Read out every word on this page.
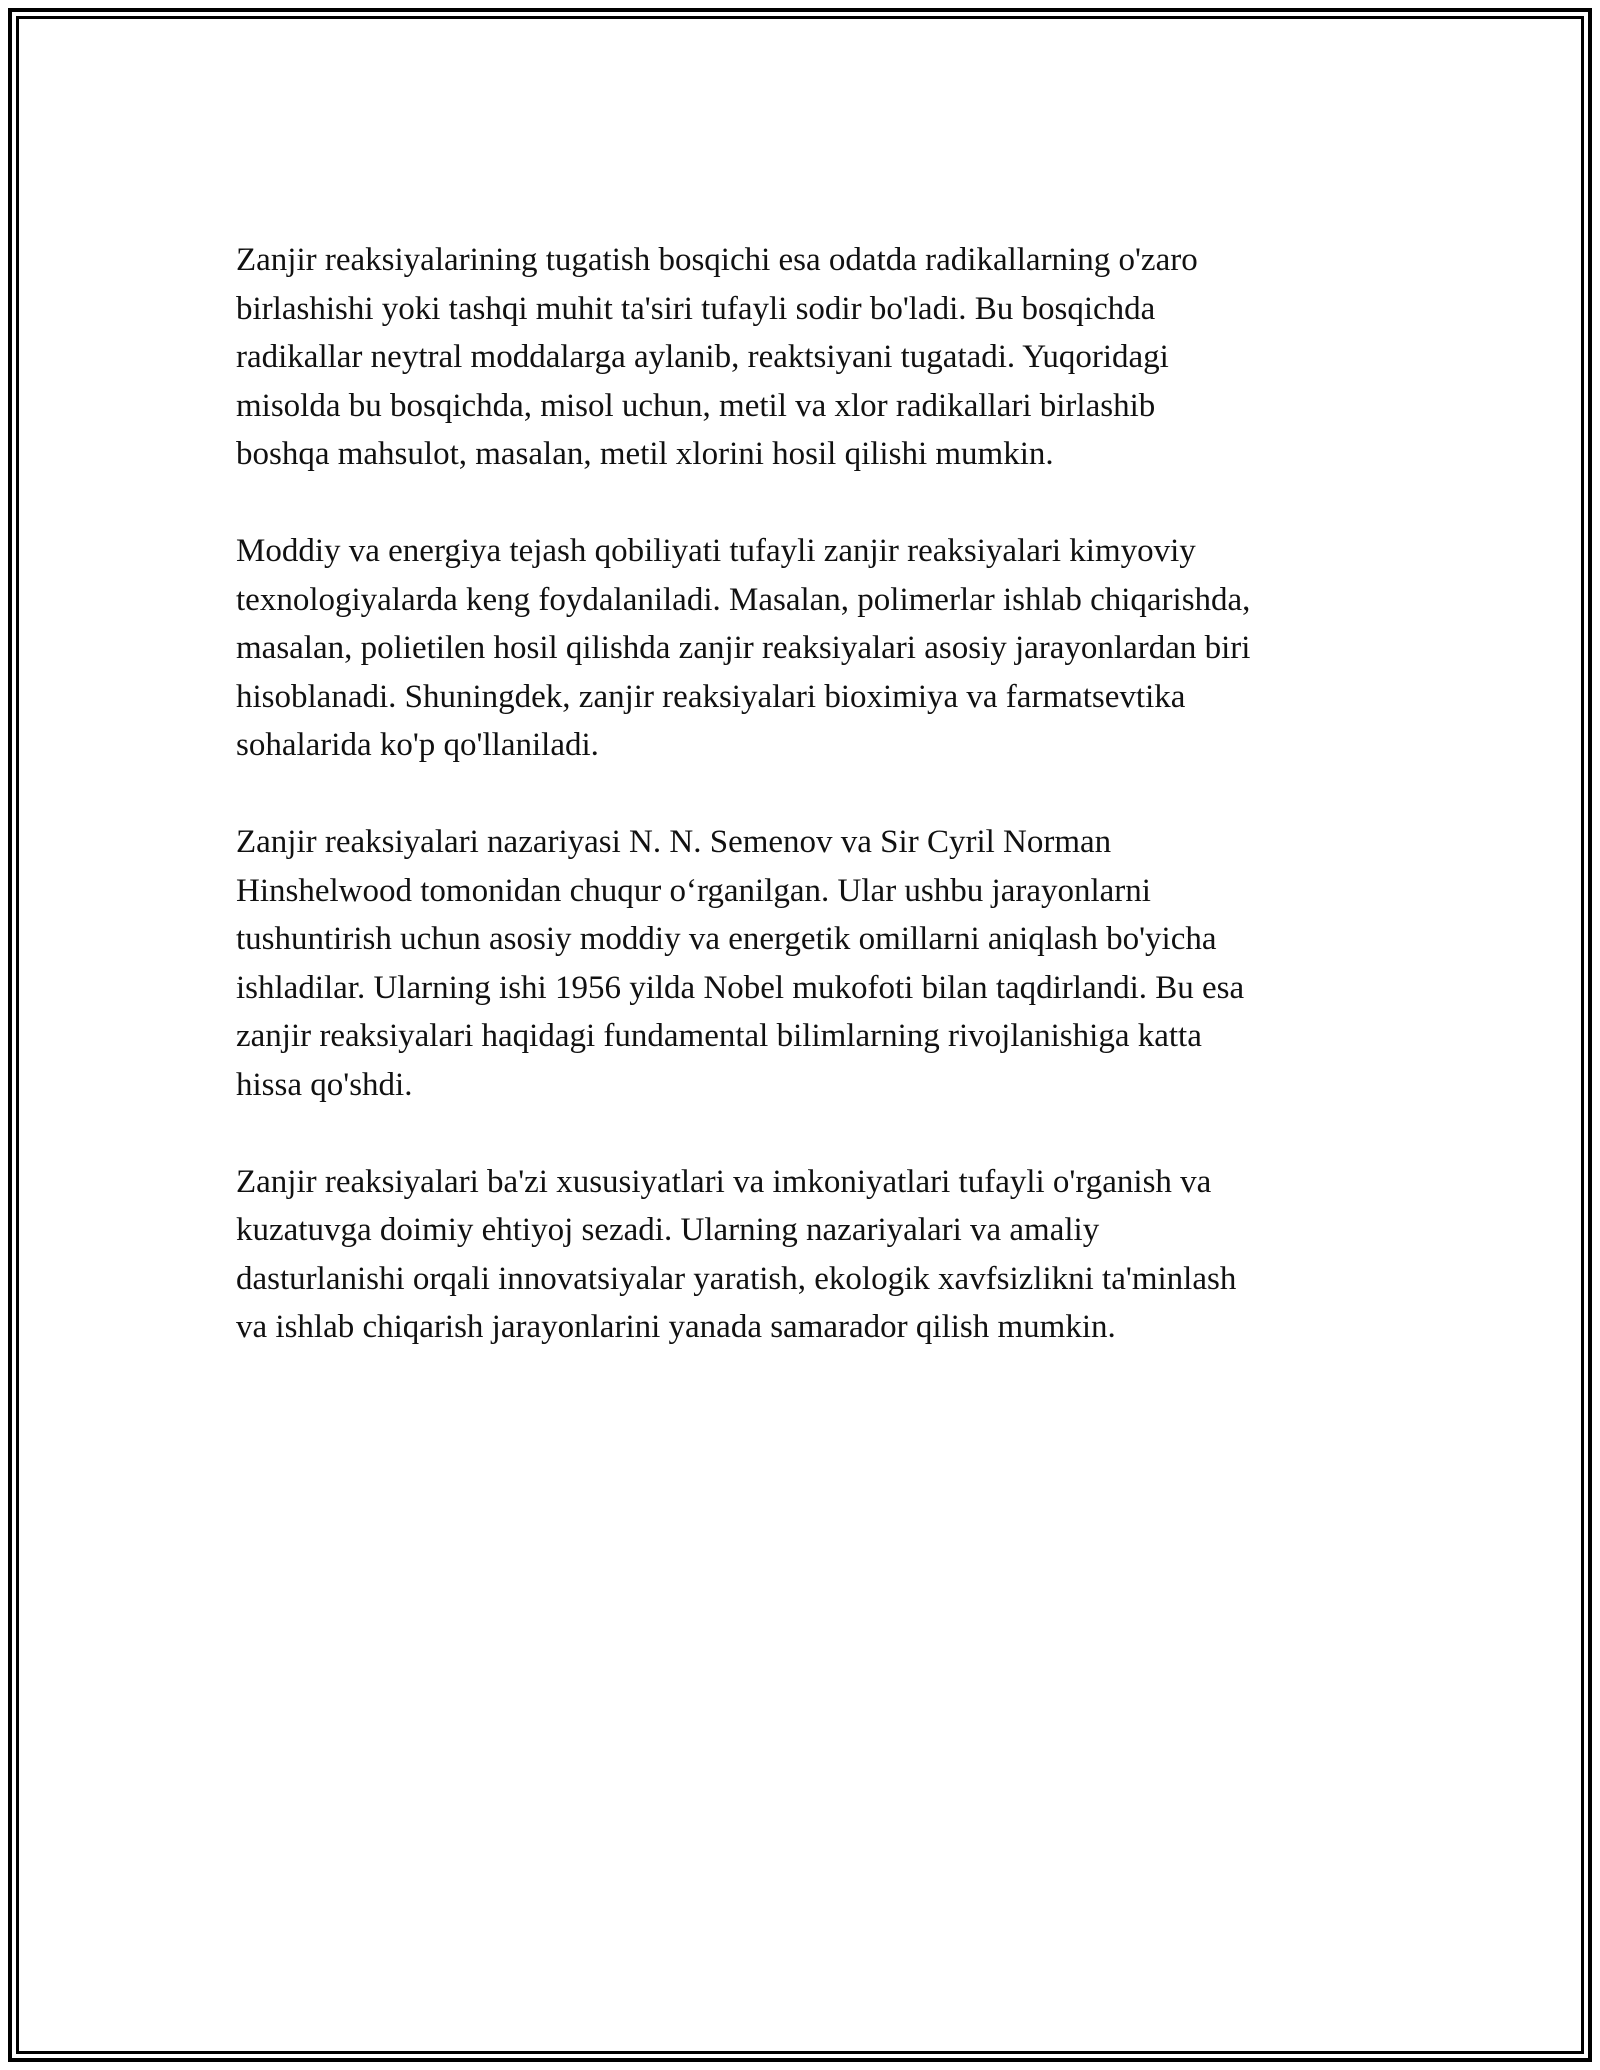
Zanjir reaksiyalarining tugatish bosqichi esa odatda radikallarning o'zaro
birlashishi yoki tashqi muhit ta'siri tufayli sodir bo'ladi. Bu bosqichda
radikallar neytral moddalarga aylanib, reaktsiyani tugatadi. Yuqoridagi
misolda bu bosqichda, misol uchun, metil va xlor radikallari birlashib
boshqa mahsulot, masalan, metil xlorini hosil qilishi mumkin.

Moddiy va energiya tejash qobiliyati tufayli zanjir reaksiyalari kimyoviy
texnologiyalarda keng foydalaniladi. Masalan, polimerlar ishlab chiqarishda,
masalan, polietilen hosil qilishda zanjir reaksiyalari asosiy jarayonlardan biri
hisoblanadi. Shuningdek, zanjir reaksiyalari bioximiya va farmatsevtika
sohalarida ko'p qo'llaniladi.

Zanjir reaksiyalari nazariyasi N. N. Semenov va Sir Cyril Norman
Hinshelwood tomonidan chuqur o‘rganilgan. Ular ushbu jarayonlarni
tushuntirish uchun asosiy moddiy va energetik omillarni aniqlash bo'yicha
ishladilar. Ularning ishi 1956 yilda Nobel mukofoti bilan taqdirlandi. Bu esa
zanjir reaksiyalari haqidagi fundamental bilimlarning rivojlanishiga katta
hissa qo'shdi.

Zanjir reaksiyalari ba'zi xususiyatlari va imkoniyatlari tufayli o'rganish va
kuzatuvga doimiy ehtiyoj sezadi. Ularning nazariyalari va amaliy
dasturlanishi orqali innovatsiyalar yaratish, ekologik xavfsizlikni ta'minlash
va ishlab chiqarish jarayonlarini yanada samarador qilish mumkin.
